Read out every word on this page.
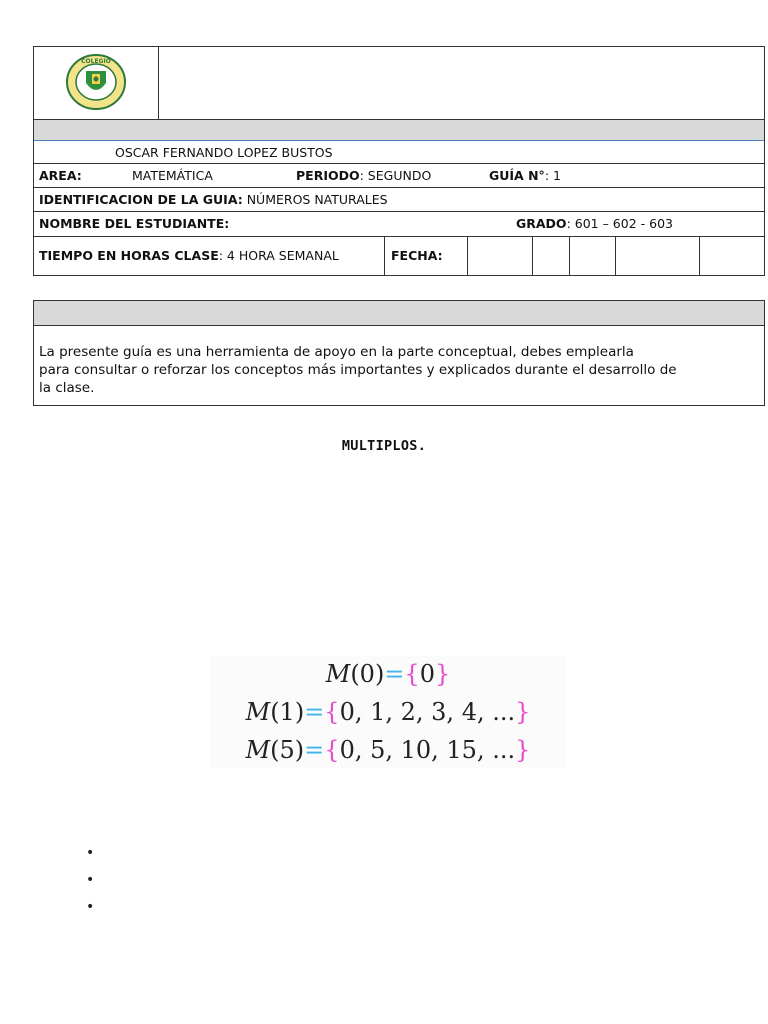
COLEGIO
OSCAR FERNANDO LOPEZ BUSTOS
AREA:	MATEMÁTICA	PERIODO: SEGUNDO	GUÍA N°: 1
IDENTIFICACION DE LA GUIA: NÚMEROS NATURALES
NOMBRE DEL ESTUDIANTE:	GRADO: 601 – 602 - 603
TIEMPO EN HORAS CLASE: 4 HORA SEMANAL	FECHA:
La presente guía es una herramienta de apoyo en la parte conceptual, debes emplearla
para consultar o reforzar los conceptos más importantes y explicados durante el desarrollo de
la clase.
MULTIPLOS.
M(0)={0}
M(1)={0, 1, 2, 3, 4, ...}
M(5)={0, 5, 10, 15, ...}
•
•
•
